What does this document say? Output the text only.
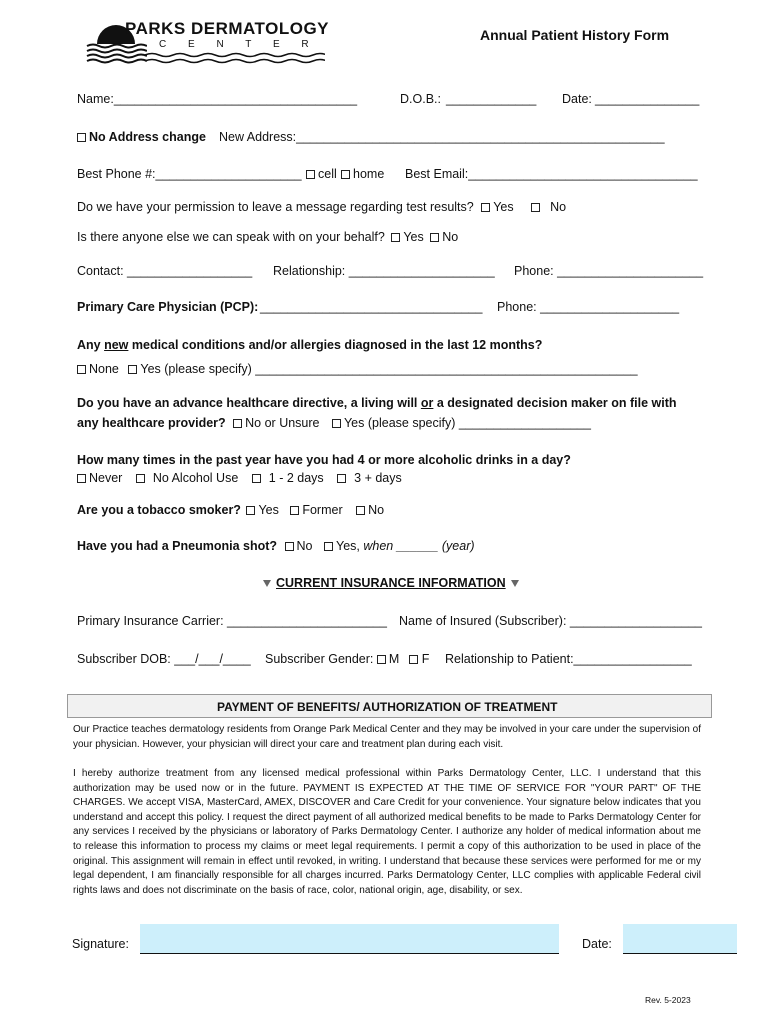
PARKS DERMATOLOGY
C E N T E R
Annual Patient History Form
Name:___________________________________	D.O.B.: _____________ Date: _______________
No Address change New Address:_____________________________________________________
Best Phone #:_____________________	cell	home Best Email:_________________________________
Do we have your permission to leave a message regarding test results? Yes	No
Is there anyone else we can speak with on your behalf? Yes No
Contact: __________________ Relationship: _____________________ Phone: _____________________
Primary Care Physician (PCP): ________________________________ Phone: ____________________
Any new medical conditions and/or allergies diagnosed in the last 12 months?
None Yes (please specify) _______________________________________________________
Do you have an advance healthcare directive, a living will or a designated decision maker on file with
any healthcare provider? No or Unsure Yes (please specify) ___________________
How many times in the past year have you had 4 or more alcoholic drinks in a day?
Never No Alcohol Use 1 - 2 days 3 + days
Are you a tobacco smoker? Yes Former No
Have you had a Pneumonia shot? No Yes, when ______ (year)
CURRENT INSURANCE INFORMATION
Primary Insurance Carrier: _______________________ Name of Insured (Subscriber): ___________________
Subscriber DOB: ___/___/____ Subscriber Gender: M F Relationship to Patient:_________________
PAYMENT OF BENEFITS/ AUTHORIZATION OF TREATMENT
Our Practice teaches dermatology residents from Orange Park Medical Center and they may be involved in your care under the supervision of your physician. However, your physician will direct your care and treatment plan during each visit.
I hereby authorize treatment from any licensed medical professional within Parks Dermatology Center, LLC. I understand that this authorization may be used now or in the future. PAYMENT IS EXPECTED AT THE TIME OF SERVICE FOR "YOUR PART" OF THE CHARGES. We accept VISA, MasterCard, AMEX, DISCOVER and Care Credit for your convenience. Your signature below indicates that you understand and accept this policy. I request the direct payment of all authorized medical benefits to be made to Parks Dermatology Center for any services I received by the physicians or laboratory of Parks Dermatology Center. I authorize any holder of medical information about me to release this information to process my claims or meet legal requirements. I permit a copy of this authorization to be used in place of the original. This assignment will remain in effect until revoked, in writing. I understand that because these services were performed for me or my legal dependent, I am financially responsible for all charges incurred. Parks Dermatology Center, LLC complies with applicable Federal civil rights laws and does not discriminate on the basis of race, color, national origin, age, disability, or sex.
Signature:	Date:
Rev. 5-2023
